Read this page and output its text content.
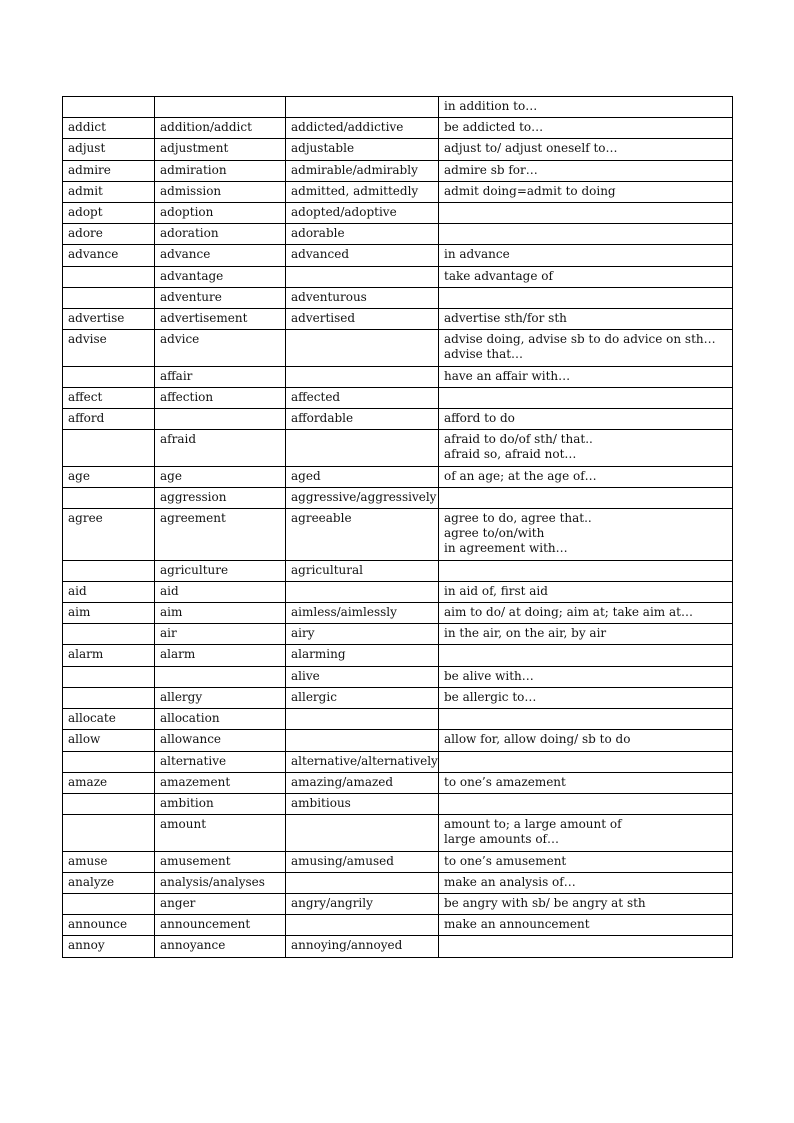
			in addition to…
addict	addition/addict	addicted/addictive	be addicted to…
adjust	adjustment	adjustable	adjust to/ adjust oneself to…
admire	admiration	admirable/admirably	admire sb for…
admit	admission	admitted, admittedly	admit doing=admit to doing
adopt	adoption	adopted/adoptive	
adore	adoration	adorable	
advance	advance	advanced	in advance
	advantage		take advantage of
	adventure	adventurous	
advertise	advertisement	advertised	advertise sth/for sth
advise	advice		advise doing, advise sb to do advice on sth…
advise that…
	affair		have an affair with…
affect	affection	affected	
afford		affordable	afford to do
	afraid		afraid to do/of sth/ that..
afraid so, afraid not…
age	age	aged	of an age; at the age of…
	aggression	aggressive/aggressively	
agree	agreement	agreeable	agree to do, agree that..
agree to/on/with
in agreement with…
	agriculture	agricultural	
aid	aid		in aid of, first aid
aim	aim	aimless/aimlessly	aim to do/ at doing; aim at; take aim at…
	air	airy	in the air, on the air, by air
alarm	alarm	alarming	
		alive	be alive with…
	allergy	allergic	be allergic to…
allocate	allocation		
allow	allowance		allow for, allow doing/ sb to do
	alternative	alternative/alternatively	
amaze	amazement	amazing/amazed	to one’s amazement
	ambition	ambitious	
	amount		amount to; a large amount of
large amounts of…
amuse	amusement	amusing/amused	to one’s amusement
analyze	analysis/analyses		make an analysis of…
	anger	angry/angrily	be angry with sb/ be angry at sth
announce	announcement		make an announcement
annoy	annoyance	annoying/annoyed	
